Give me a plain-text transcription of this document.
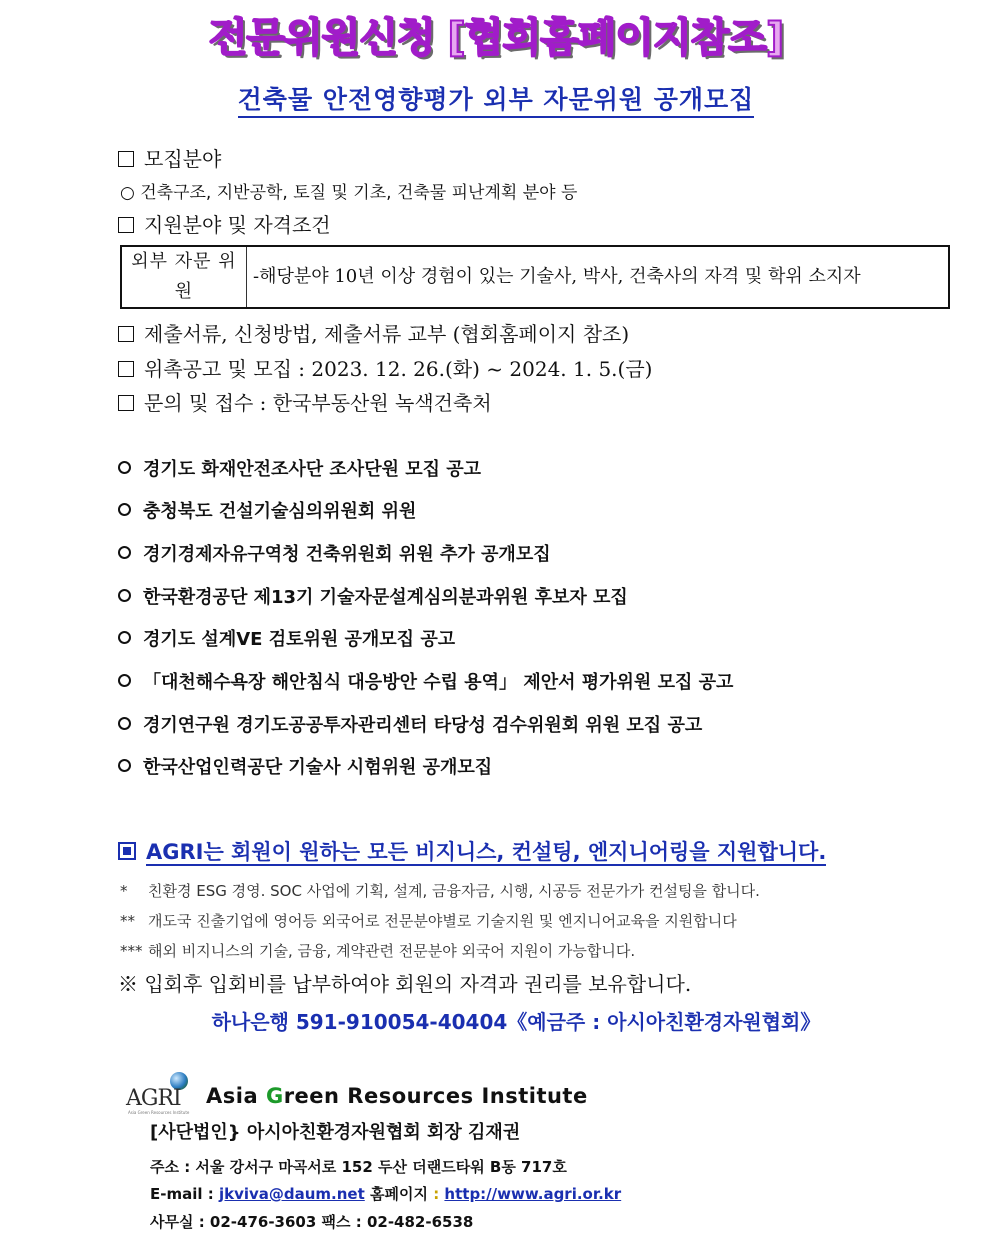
전문위원신청 [협회홈페이지참조]
건축물 안전영향평가 외부 자문위원 공개모집
모집분야
○ 건축구조, 지반공학, 토질 및 기초, 건축물 피난계획 분야 등
지원분야 및 자격조건
외부 자문 위원	-해당분야 10년 이상 경험이 있는 기술사, 박사, 건축사의 자격 및 학위 소지자
제출서류, 신청방법, 제출서류 교부 (협회홈페이지 참조)
위촉공고 및 모집 : 2023. 12. 26.(화) ~ 2024. 1. 5.(금)
문의 및 접수 : 한국부동산원 녹색건축처
경기도 화재안전조사단 조사단원 모집 공고
충청북도 건설기술심의위원회 위원
경기경제자유구역청 건축위원회 위원 추가 공개모집
한국환경공단 제13기 기술자문설계심의분과위원 후보자 모집
경기도 설계VE 검토위원 공개모집 공고
「대천해수욕장 해안침식 대응방안 수립 용역」 제안서 평가위원 모집 공고
경기연구원 경기도공공투자관리센터 타당성 검수위원회 위원 모집 공고
한국산업인력공단 기술사 시험위원 공개모집
AGRI는 회원이 원하는 모든 비지니스, 컨설팅, 엔지니어링을 지원합니다.
* 친환경 ESG 경영. SOC 사업에 기획, 설계, 금융자금, 시행, 시공등 전문가가 컨설팅을 합니다.
** 개도국 진출기업에 영어등 외국어로 전문분야별로 기술지원 및 엔지니어교육을 지원합니다
*** 해외 비지니스의 기술, 금융, 계약관련 전문분야 외국어 지원이 가능합니다.
※ 입회후 입회비를 납부하여야 회원의 자격과 권리를 보유합니다.
하나은행 591-910054-40404《예금주 : 아시아친환경자원협회》
AGRI
Asia Green Resources Institute
Asia Green Resources Institute
[사단법인} 아시아친환경자원협회 회장 김재권
주소 : 서울 강서구 마곡서로 152 두산 더랜드타워 B동 717호
E-mail : jkviva@daum.net 홈페이지 : http://www.agri.or.kr
사무실 : 02-476-3603 팩스 : 02-482-6538
